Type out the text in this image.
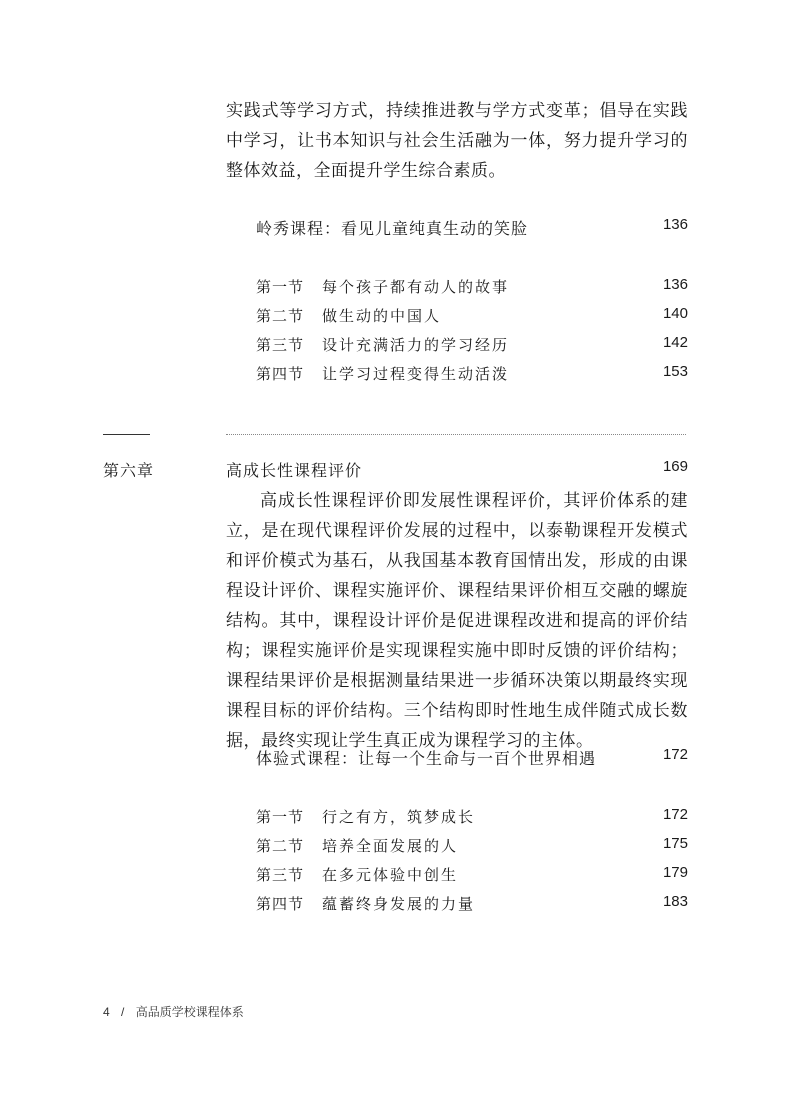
实践式等学习方式，持续推进教与学方式变革；倡导在实践中学习，让书本知识与社会生活融为一体，努力提升学习的整体效益，全面提升学生综合素质。

岭秀课程：看见儿童纯真生动的笑脸	136
第一节 每个孩子都有动人的故事	136
第二节 做生动的中国人	140
第三节 设计充满活力的学习经历	142
第四节 让学习过程变得生动活泼	153
第六章	高成长性课程评价	169

高成长性课程评价即发展性课程评价，其评价体系的建立，是在现代课程评价发展的过程中，以泰勒课程开发模式和评价模式为基石，从我国基本教育国情出发，形成的由课程设计评价、课程实施评价、课程结果评价相互交融的螺旋结构。其中，课程设计评价是促进课程改进和提高的评价结构；课程实施评价是实现课程实施中即时反馈的评价结构；课程结果评价是根据测量结果进一步循环决策以期最终实现课程目标的评价结构。三个结构即时性地生成伴随式成长数据，最终实现让学生真正成为课程学习的主体。

体验式课程：让每一个生命与一百个世界相遇	172
第一节 行之有方，筑梦成长	172
第二节 培养全面发展的人	175
第三节 在多元体验中创生	179
第四节 蕴蓄终身发展的力量	183
4 / 高品质学校课程体系
